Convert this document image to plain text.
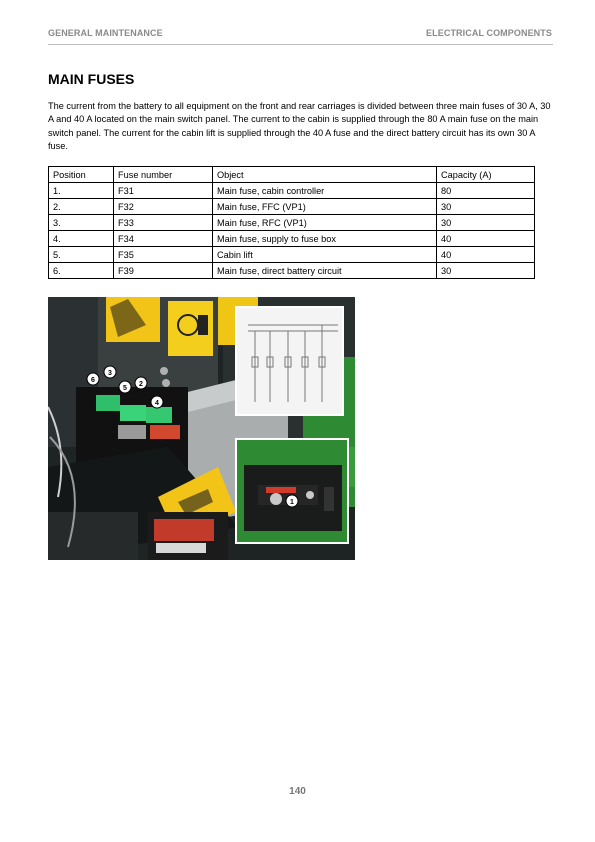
GENERAL MAINTENANCE	ELECTRICAL COMPONENTS
MAIN FUSES
The current from the battery to all equipment on the front and rear carriages is divided between three main fuses of 30 A, 30 A and 40 A located on the main switch panel. The current to the cabin is supplied through the 80 A main fuse on the main switch panel. The current for the cabin lift is supplied through the 40 A fuse and the direct battery circuit has its own 30 A fuse.
Position	Fuse number	Object	Capacity (A)
1.	F31	Main fuse, cabin controller	80
2.	F32	Main fuse, FFC (VP1)	30
3.	F33	Main fuse, RFC (VP1)	30
4.	F34	Main fuse, supply to fuse box	40
5.	F35	Cabin lift	40
6.	F39	Main fuse, direct battery circuit	30
6
3
5
2
4
1
140
